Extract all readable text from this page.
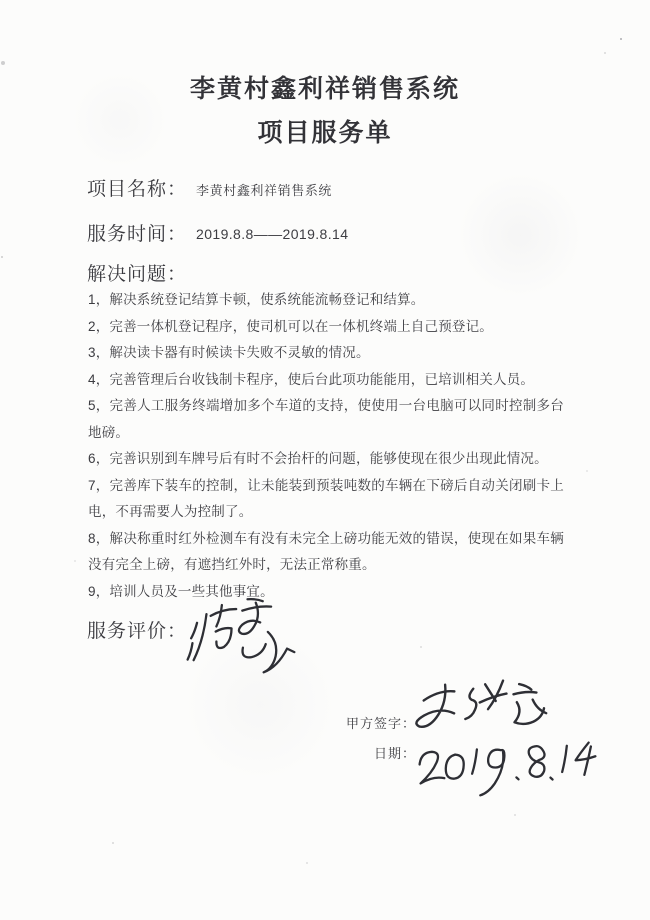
李黄村鑫利祥销售系统
项目服务单
项目名称： 李黄村鑫利祥销售系统
服务时间： 2019.8.8——2019.8.14
解决问题：

1，解决系统登记结算卡顿，使系统能流畅登记和结算。

2，完善一体机登记程序，使司机可以在一体机终端上自己预登记。

3，解决读卡器有时候读卡失败不灵敏的情况。

4，完善管理后台收钱制卡程序，使后台此项功能能用，已培训相关人员。

5，完善人工服务终端增加多个车道的支持，使使用一台电脑可以同时控制多台地磅。

6，完善识别到车牌号后有时不会抬杆的问题，能够使现在很少出现此情况。

7，完善库下装车的控制，让未能装到预装吨数的车辆在下磅后自动关闭刷卡上电，不再需要人为控制了。

8，解决称重时红外检测车有没有未完全上磅功能无效的错误，使现在如果车辆没有完全上磅，有遮挡红外时，无法正常称重。

9，培训人员及一些其他事宜。

服务评价：
甲方签字：
日期：
